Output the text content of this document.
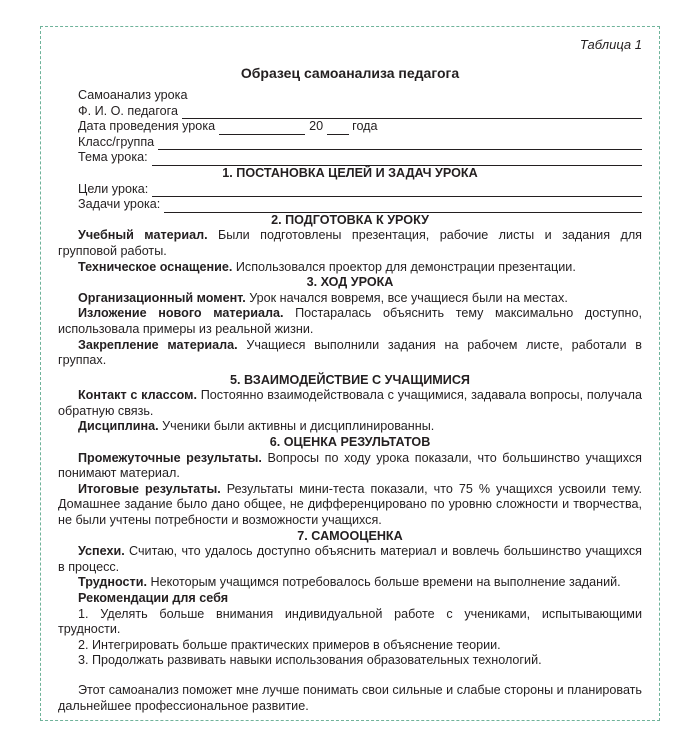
Таблица 1
Образец самоанализа педагога
Самоанализ урока
Ф. И. О. педагога
Дата проведения урока	20 года
Класс/группа
Тема урока:
1. ПОСТАНОВКА ЦЕЛЕЙ И ЗАДАЧ УРОКА
Цели урока:
Задачи урока:
2. ПОДГОТОВКА К УРОКУ
Учебный материал. Были подготовлены презентация, рабочие листы и задания для групповой работы.
Техническое оснащение. Использовался проектор для демонстрации презентации.
3. ХОД УРОКА
Организационный момент. Урок начался вовремя, все учащиеся были на местах.
Изложение нового материала. Постаралась объяснить тему максимально доступно, использовала примеры из реальной жизни.
Закрепление материала. Учащиеся выполнили задания на рабочем листе, работали в группах.
5. ВЗАИМОДЕЙСТВИЕ С УЧАЩИМИСЯ
Контакт с классом. Постоянно взаимодействовала с учащимися, задавала вопросы, получала обратную связь.
Дисциплина. Ученики были активны и дисциплинированны.
6. ОЦЕНКА РЕЗУЛЬТАТОВ
Промежуточные результаты. Вопросы по ходу урока показали, что большинство учащихся понимают материал.
Итоговые результаты. Результаты мини-теста показали, что 75 % учащихся усвоили тему. Домашнее задание было дано общее, не дифференцировано по уровню сложности и творчества, не были учтены потребности и возможности учащихся.
7. САМООЦЕНКА
Успехи. Считаю, что удалось доступно объяснить материал и вовлечь большинство учащихся в процесс.
Трудности. Некоторым учащимся потребовалось больше времени на выполнение заданий.
Рекомендации для себя
1. Уделять больше внимания индивидуальной работе с учениками, испытывающими трудности.
2. Интегрировать больше практических примеров в объяснение теории.
3. Продолжать развивать навыки использования образовательных технологий.
Этот самоанализ поможет мне лучше понимать свои сильные и слабые стороны и планировать дальнейшее профессиональное развитие.
